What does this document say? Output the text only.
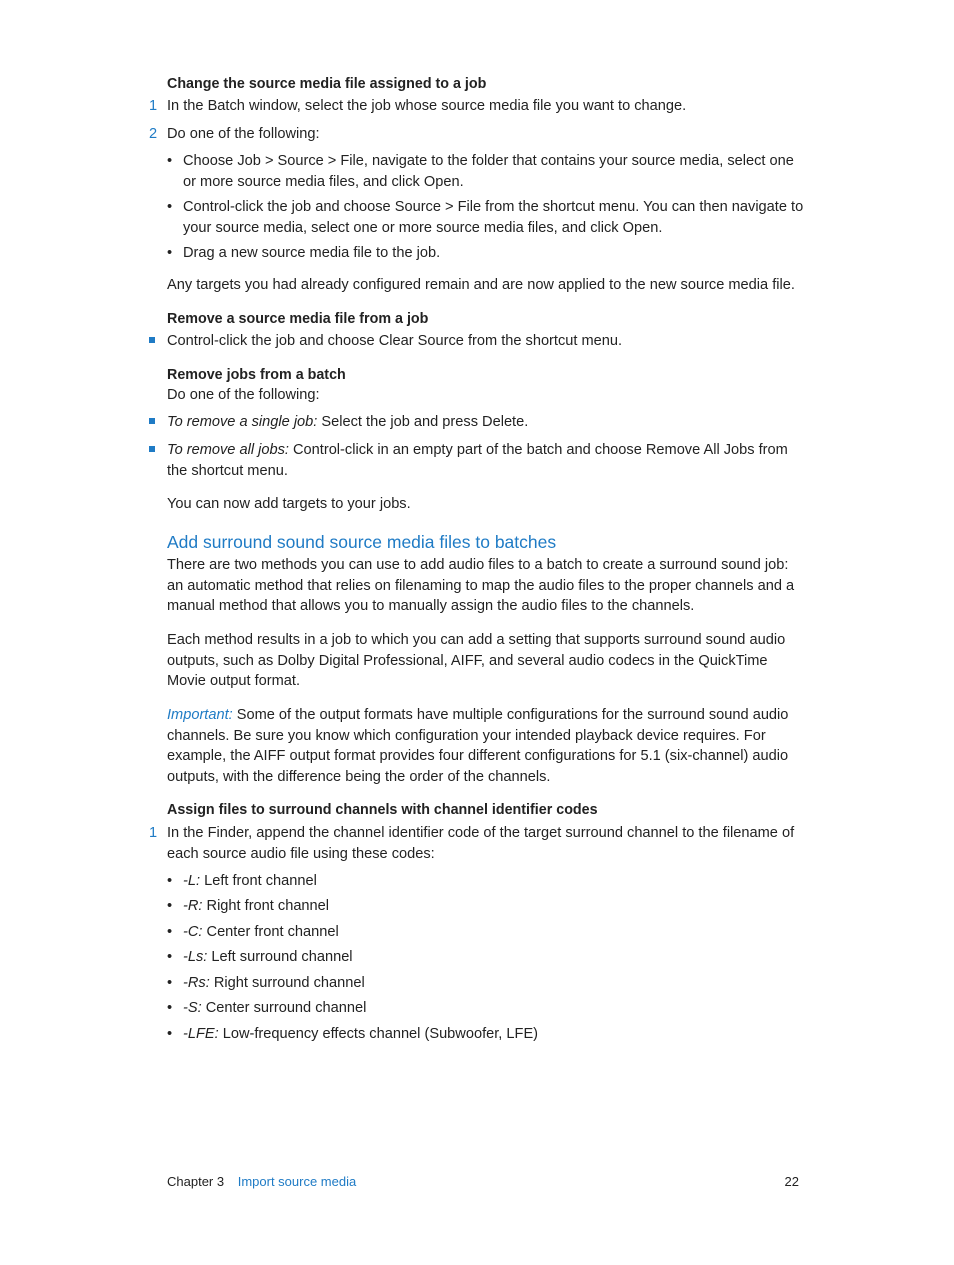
Change the source media file assigned to a job
1 In the Batch window, select the job whose source media file you want to change.
2 Do one of the following:
• Choose Job > Source > File, navigate to the folder that contains your source media, select one or more source media files, and click Open.
• Control-click the job and choose Source > File from the shortcut menu. You can then navigate to your source media, select one or more source media files, and click Open.
• Drag a new source media file to the job.
Any targets you had already configured remain and are now applied to the new source media file.
Remove a source media file from a job
Control-click the job and choose Clear Source from the shortcut menu.
Remove jobs from a batch
Do one of the following:
To remove a single job: Select the job and press Delete.
To remove all jobs: Control-click in an empty part of the batch and choose Remove All Jobs from the shortcut menu.
You can now add targets to your jobs.
Add surround sound source media files to batches
There are two methods you can use to add audio files to a batch to create a surround sound job: an automatic method that relies on filenaming to map the audio files to the proper channels and a manual method that allows you to manually assign the audio files to the channels.
Each method results in a job to which you can add a setting that supports surround sound audio outputs, such as Dolby Digital Professional, AIFF, and several audio codecs in the QuickTime Movie output format.
Important: Some of the output formats have multiple configurations for the surround sound audio channels. Be sure you know which configuration your intended playback device requires. For example, the AIFF output format provides four different configurations for 5.1 (six-channel) audio outputs, with the difference being the order of the channels.
Assign files to surround channels with channel identifier codes
1 In the Finder, append the channel identifier code of the target surround channel to the filename of each source audio file using these codes:
• -L: Left front channel
• -R: Right front channel
• -C: Center front channel
• -Ls: Left surround channel
• -Rs: Right surround channel
• -S: Center surround channel
• -LFE: Low-frequency effects channel (Subwoofer, LFE)
Chapter 3 Import source media	22
